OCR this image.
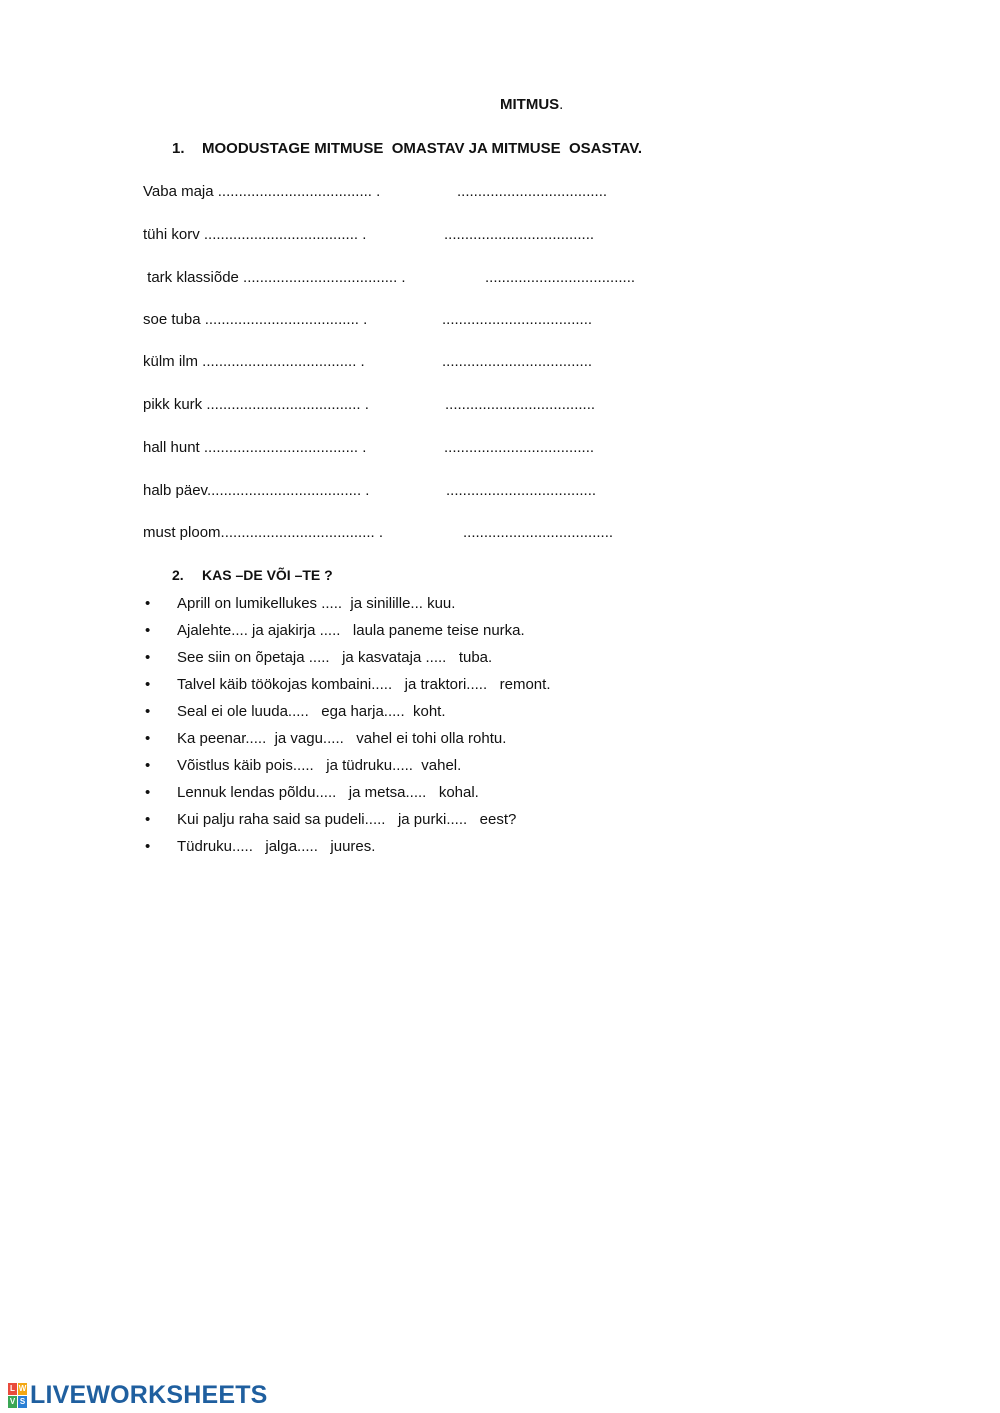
MITMUS.
1. MOODUSTAGE MITMUSE  OMASTAV JA MITMUSE  OSASTAV.
Vaba maja ..................................... .	....................................
tühi korv ..................................... .	....................................
tark klassiõde ..................................... .	....................................
soe tuba ..................................... .	....................................
külm ilm ..................................... .	....................................
pikk kurk ..................................... .	....................................
hall hunt ..................................... .	....................................
halb päev..................................... .	....................................
must ploom..................................... .	....................................
2. KAS –DE VÕI –TE ?
• Aprill on lumikellukes .....  ja sinilille... kuu.
• Ajalehte.... ja ajakirja .....   laula paneme teise nurka.
• See siin on õpetaja .....   ja kasvataja .....   tuba.
• Talvel käib töökojas kombaini.....   ja traktori.....   remont.
• Seal ei ole luuda.....   ega harja.....  koht.
• Ka peenar.....  ja vagu.....   vahel ei tohi olla rohtu.
• Võistlus käib pois.....   ja tüdruku.....  vahel.
• Lennuk lendas põldu.....   ja metsa.....   kohal.
• Kui palju raha said sa pudeli.....   ja purki.....   eest?
• Tüdruku.....   jalga.....   juures.
L W
V S LIVEWORKSHEETS
